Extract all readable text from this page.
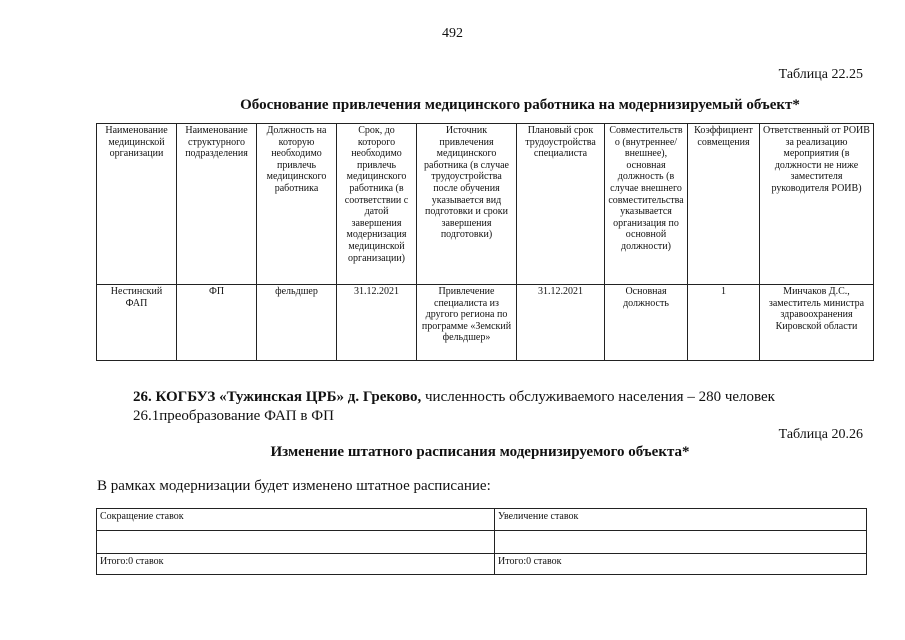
492
Таблица 22.25
Обоснование привлечения медицинского работника на модернизируемый объект*
Наименование медицинской организации	Наименование структурного подразделения	Должность на которую необходимо привлечь медицинского работника	Срок, до которого необходимо привлечь медицинского работника (в соответствии с датой завершения модернизация медицинской организации)	Источник привлечения медицинского работника (в случае трудоустройства после обучения указывается вид подготовки и сроки завершения подготовки)	Плановый срок трудоустройства специалиста	Совместительство (внутреннее/внешнее), основная должность (в случае внешнего совместительства указывается организация по основной должности)	Коэффициент совмещения	Ответственный от РОИВ за реализацию мероприятия (в должности не ниже заместителя руководителя РОИВ)
Нестинский ФАП	ФП	фельдшер	31.12.2021	Привлечение специалиста из другого региона по программе «Земский фельдшер»	31.12.2021	Основная должность	1	Минчаков Д.С., заместитель министра здравоохранения Кировской области
26. КОГБУЗ «Тужинская ЦРБ» д. Греково, численность обслуживаемого населения – 280 человек
26.1преобразование ФАП в ФП
Таблица 20.26
Изменение штатного расписания модернизируемого объекта*
В рамках модернизации будет изменено штатное расписание:
Сокращение ставок	Увеличение ставок

Итого:0 ставок	Итого:0 ставок
